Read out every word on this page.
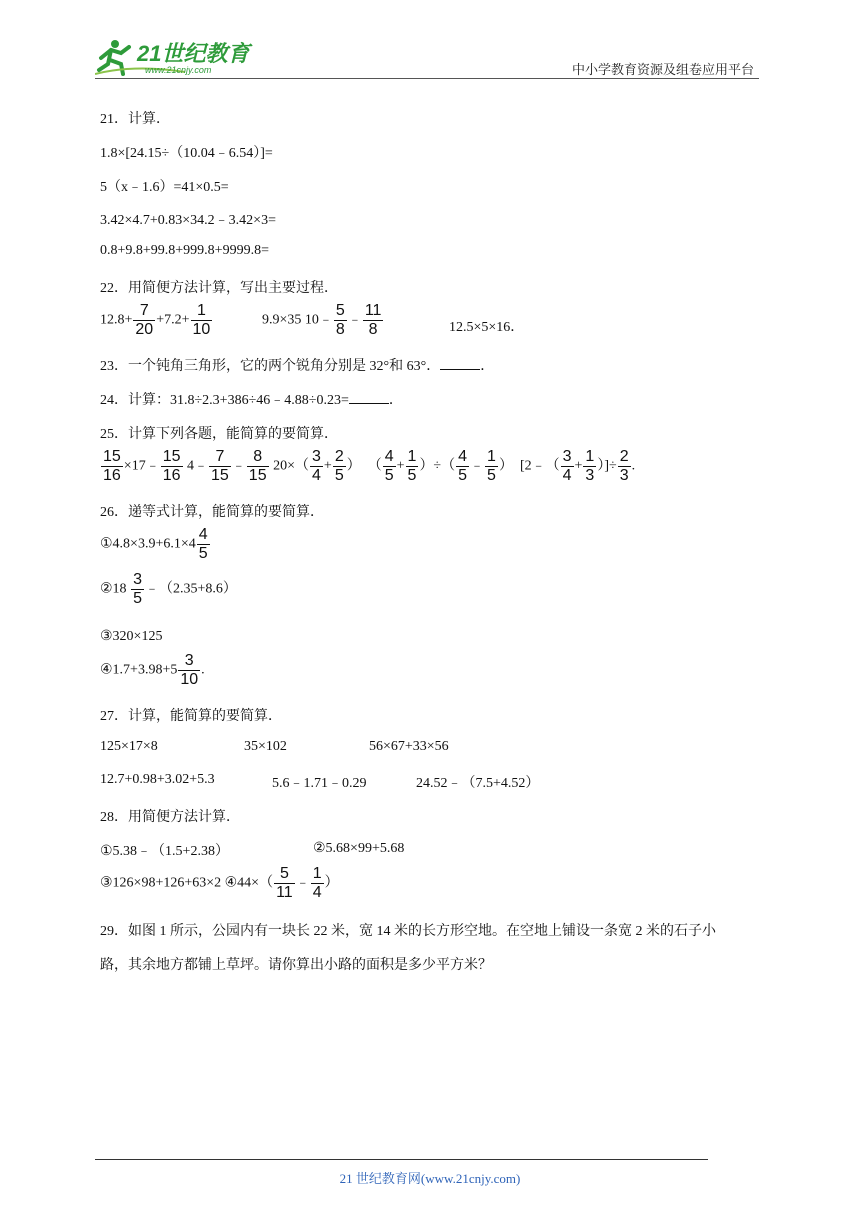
21世纪教育
www.21cnjy.com	中小学教育资源及组卷应用平台
21．计算．
1.8×[24.15÷（10.04﹣6.54）]=
5（x﹣1.6）=41×0.5=
3.42×4.7+0.83×34.2﹣3.42×3=
0.8+9.8+99.8+999.8+9999.8=
22．用简便方法计算，写出主要过程．
$12.8+ \frac{7}{20} +7.2+ \frac{1}{10}$	9.9×35 10﹣ $\frac{5}{8}$ ﹣ $\frac{11}{8}$	12.5×5×16．
23．一个钝角三角形，它的两个锐角分别是 32°和 63°．	．
24．计算：31.8÷2.3+386÷46﹣4.88÷0.23=	．
25．计算下列各题，能简算的要简算．
$\frac{15}{16}$ ×17﹣ $\frac{15}{16}$ 4﹣ $\frac{7}{15}$ ﹣ $\frac{8}{15} 20\times( \frac{3}{4} + \frac{2}{5}$ ） （ $\frac{4}{5} + \frac{1}{5}$ ）÷（ $\frac{4}{5}$ ﹣ $\frac{1}{5}$ ） [2﹣（ $\frac{3}{4} + \frac{1}{3}$ ）]÷ $\frac{2}{3}$ .
26．递等式计算，能简算的要简算．
①4.8×3.9+6.1×4 $\frac{4}{5}$
②18 $\frac{3}{5}$ ﹣（2.35+8.6）
③320×125
④1.7+3.98+5 $\frac{3}{10}$ .
27．计算，能简算的要简算．
125×17×8	35×102	56×67+33×56
12.7+0.98+3.02+5.3	5.6﹣1.71﹣0.29	24.52﹣（7.5+4.52）
28．用简便方法计算．
①5.38﹣（1.5+2.38）	②5.68×99+5.68
③126×98+126+63×2 ④44×（ $\frac{5}{11}$ ﹣ $\frac{1}{4}$ ）
29．如图 1 所示，公园内有一块长 22 米，宽 14 米的长方形空地。在空地上铺设一条宽 2 米的石子小
路，其余地方都铺上草坪。请你算出小路的面积是多少平方米？
21 世纪教育网(www.21cnjy.com)
